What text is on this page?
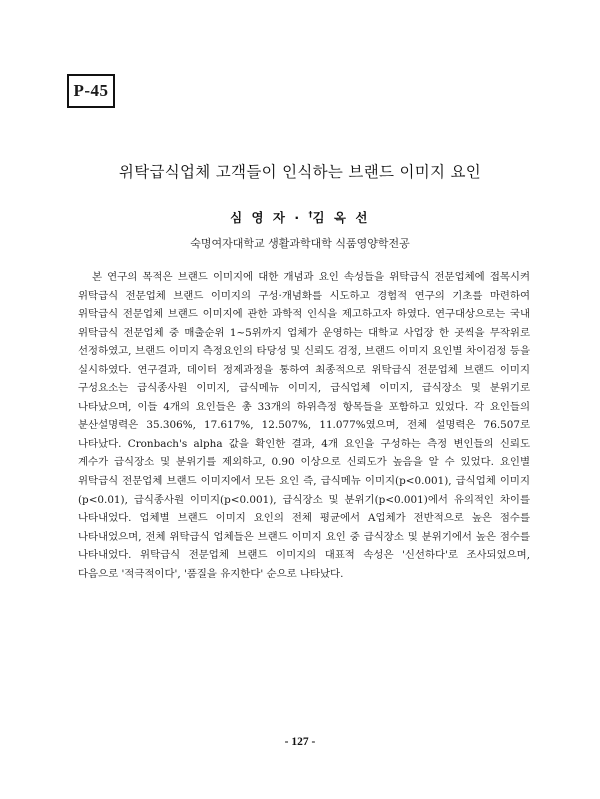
P-45
위탁급식업체 고객들이 인식하는 브랜드 이미지 요인
심 영 자 · †김 옥 선
숙명여자대학교 생활과학대학 식품영양학전공

본 연구의 목적은 브랜드 이미지에 대한 개념과 요인 속성들을 위탁급식 전문업체에 접목시켜 위탁급식 전문업체 브랜드 이미지의 구성·개념화를 시도하고 경험적 연구의 기초를 마련하여 위탁급식 전문업체 브랜드 이미지에 관한 과학적 인식을 제고하고자 하였다. 연구대상으로는 국내 위탁급식 전문업체 중 매출순위 1~5위까지 업체가 운영하는 대학교 사업장 한 곳씩을 무작위로 선정하였고, 브랜드 이미지 측정요인의 타당성 및 신뢰도 검정, 브랜드 이미지 요인별 차이검정 등을 실시하였다. 연구결과, 데이터 정제과정을 통하여 최종적으로 위탁급식 전문업체 브랜드 이미지 구성요소는 급식종사원 이미지, 급식메뉴 이미지, 급식업체 이미지, 급식장소 및 분위기로 나타났으며, 이들 4개의 요인들은 총 33개의 하위측정 항목들을 포함하고 있었다. 각 요인들의 분산설명력은 35.306%, 17.617%, 12.507%, 11.077%였으며, 전체 설명력은 76.507로 나타났다. Cronbach's alpha 값을 확인한 결과, 4개 요인을 구성하는 측정 변인들의 신뢰도 계수가 급식장소 및 분위기를 제외하고, 0.90 이상으로 신뢰도가 높음을 알 수 있었다. 요인별 위탁급식 전문업체 브랜드 이미지에서 모든 요인 즉, 급식메뉴 이미지(p<0.001), 급식업체 이미지(p<0.01), 급식종사원 이미지(p<0.001), 급식장소 및 분위기(p<0.001)에서 유의적인 차이를 나타내었다. 업체별 브랜드 이미지 요인의 전체 평균에서 A업체가 전반적으로 높은 점수를 나타내었으며, 전체 위탁급식 업체들은 브랜드 이미지 요인 중 급식장소 및 분위기에서 높은 점수를 나타내었다. 위탁급식 전문업체 브랜드 이미지의 대표적 속성은 '신선하다'로 조사되었으며, 다음으로 '적극적이다', '품질을 유지한다' 순으로 나타났다.

- 127 -
